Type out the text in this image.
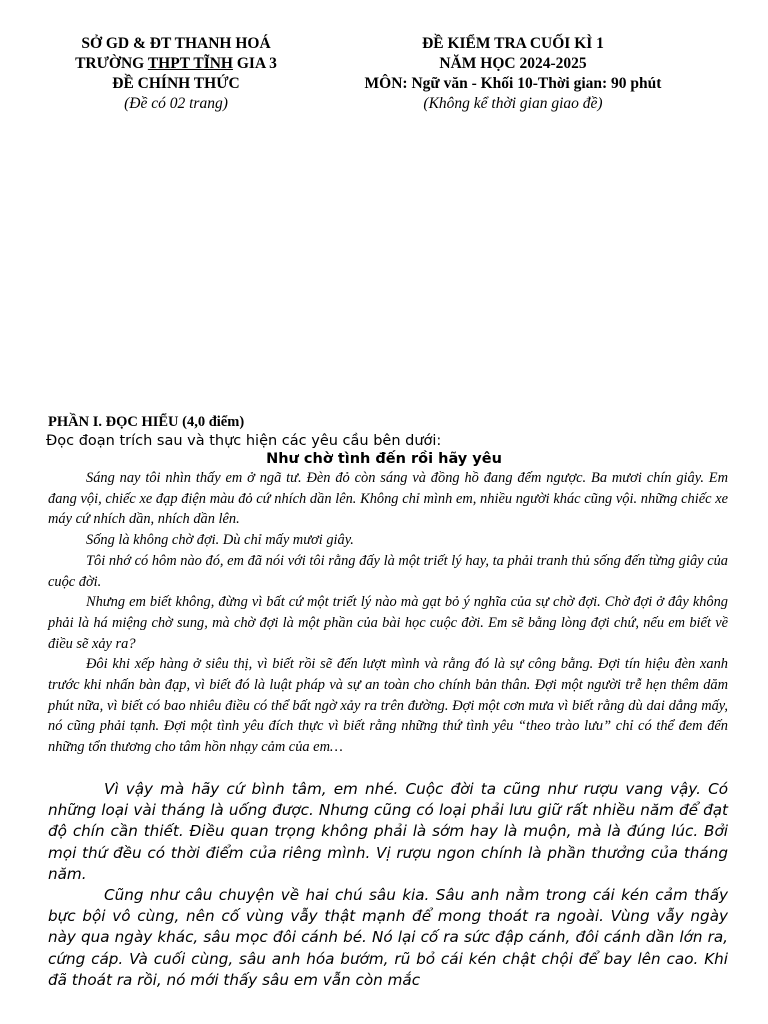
SỞ GD & ĐT THANH HOÁ
TRƯỜNG THPT TĨNH GIA 3
ĐỀ CHÍNH THỨC
(Đề có 02 trang)
ĐỀ KIỂM TRA CUỐI KÌ 1
NĂM HỌC 2024-2025
MÔN: Ngữ văn - Khối 10-Thời gian: 90 phút
(Không kể thời gian giao đề)
PHẦN I. ĐỌC HIỂU (4,0 điểm)
Đọc đoạn trích sau và thực hiện các yêu cầu bên dưới:
Như chờ tình đến rồi hãy yêu

Sáng nay tôi nhìn thấy em ở ngã tư. Đèn đỏ còn sáng và đồng hồ đang đếm ngược. Ba mươi chín giây. Em đang vội, chiếc xe đạp điện màu đỏ cứ nhích dần lên. Không chỉ mình em, nhiều người khác cũng vội. những chiếc xe máy cứ nhích dần, nhích dần lên.

Sống là không chờ đợi. Dù chỉ mấy mươi giây.

Tôi nhớ có hôm nào đó, em đã nói với tôi rằng đấy là một triết lý hay, ta phải tranh thủ sống đến từng giây của cuộc đời.

Nhưng em biết không, đừng vì bất cứ một triết lý nào mà gạt bỏ ý nghĩa của sự chờ đợi. Chờ đợi ở đây không phải là há miệng chờ sung, mà chờ đợi là một phần của bài học cuộc đời. Em sẽ bằng lòng đợi chứ, nếu em biết về điều sẽ xảy ra?

Đôi khi xếp hàng ở siêu thị, vì biết rồi sẽ đến lượt mình và rằng đó là sự công bằng. Đợi tín hiệu đèn xanh trước khi nhấn bàn đạp, vì biết đó là luật pháp và sự an toàn cho chính bản thân. Đợi một người trễ hẹn thêm dăm phút nữa, vì biết có bao nhiêu điều có thể bất ngờ xảy ra trên đường. Đợi một cơn mưa vì biết rằng dù dai dẳng mấy, nó cũng phải tạnh. Đợi một tình yêu đích thực vì biết rằng những thứ tình yêu “theo trào lưu” chỉ có thể đem đến những tổn thương cho tâm hồn nhạy cảm của em…

Vì vậy mà hãy cứ bình tâm, em nhé. Cuộc đời ta cũng như rượu vang vậy. Có những loại vài tháng là uống được. Nhưng cũng có loại phải lưu giữ rất nhiều năm để đạt độ chín cần thiết. Điều quan trọng không phải là sớm hay là muộn, mà là đúng lúc. Bởi mọi thứ đều có thời điểm của riêng mình. Vị rượu ngon chính là phần thưởng của tháng năm.

Cũng như câu chuyện về hai chú sâu kia. Sâu anh nằm trong cái kén cảm thấy bực bội vô cùng, nên cố vùng vẫy thật mạnh để mong thoát ra ngoài. Vùng vẫy ngày này qua ngày khác, sâu mọc đôi cánh bé. Nó lại cố ra sức đập cánh, đôi cánh dần lớn ra, cứng cáp. Và cuối cùng, sâu anh hóa bướm, rũ bỏ cái kén chật chội để bay lên cao. Khi đã thoát ra rồi, nó mới thấy sâu em vẫn còn mắc
